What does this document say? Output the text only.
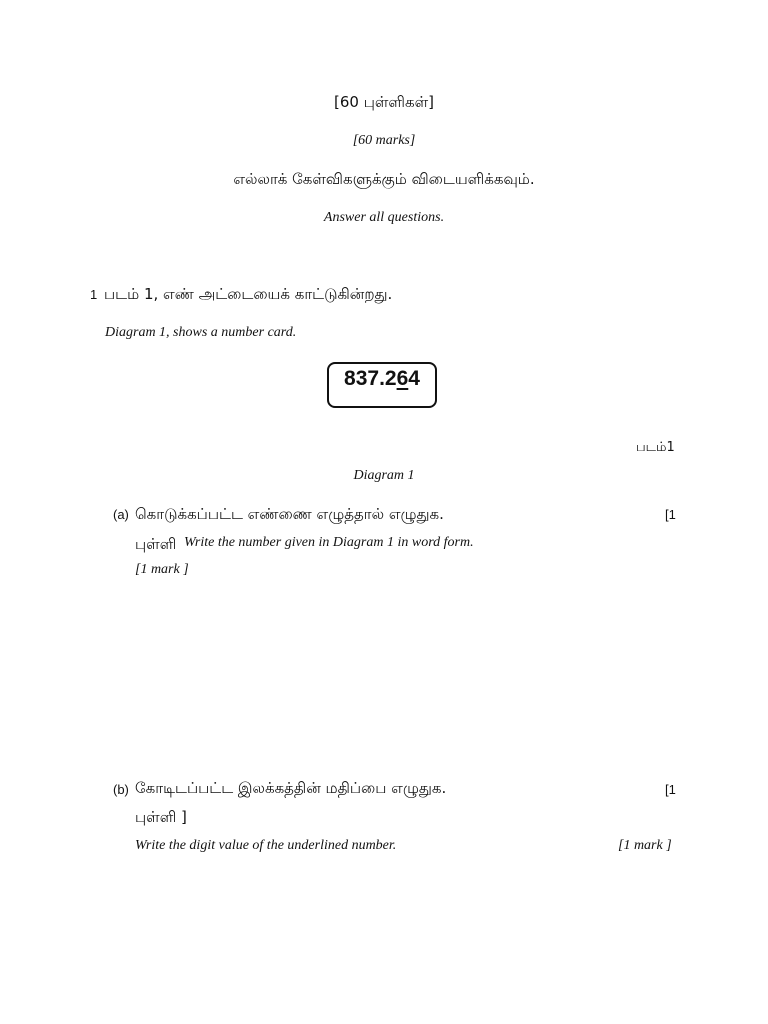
[60 புள்ளிகள்]
[60 marks]
எல்லாக் கேள்விகளுக்கும் விடையளிக்கவும்.
Answer all questions.
1 படம் 1, எண் அட்டையைக் காட்டுகின்றது.
Diagram 1, shows a number card.
837.264
படம்1
Diagram 1
(a) கொடுக்கப்பட்ட எண்ணை எழுத்தால் எழுதுக.	[1
புள்ளி Write the number given in Diagram 1 in word form.
[1 mark ]
(b) கோடிடப்பட்ட இலக்கத்தின் மதிப்பை எழுதுக.	[1
புள்ளி ]
Write the digit value of the underlined number.	[1 mark ]
